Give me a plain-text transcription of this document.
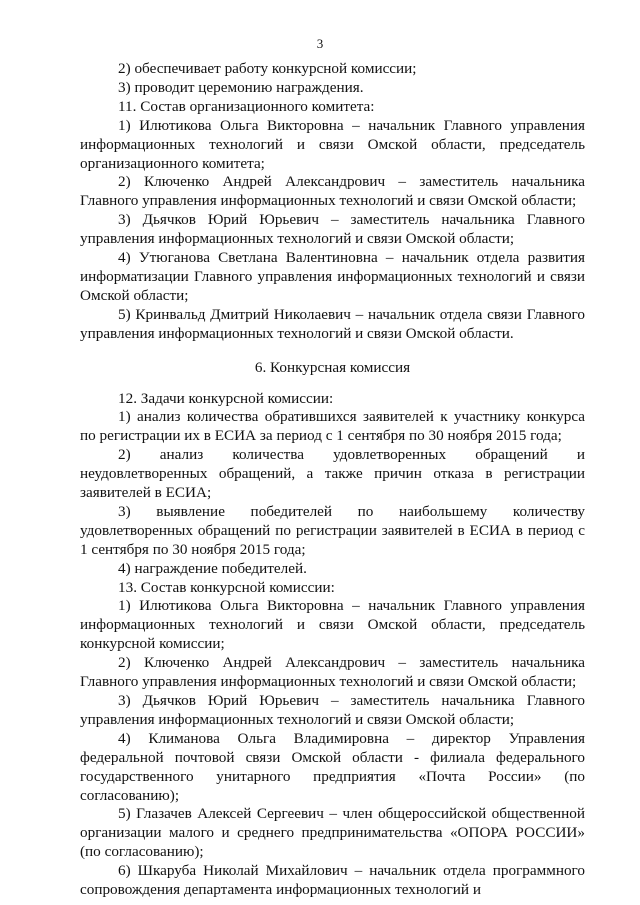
3

2) обеспечивает работу конкурсной комиссии;

3) проводит церемонию награждения.

11. Состав организационного комитета:

1) Илютикова Ольга Викторовна – начальник Главного управления информационных технологий и связи Омской области, председатель организационного комитета;

2) Ключенко Андрей Александрович – заместитель начальника Главного управления информационных технологий и связи Омской области;

3) Дьячков Юрий Юрьевич – заместитель начальника Главного управления информационных технологий и связи Омской области;

4) Утюганова Светлана Валентиновна – начальник отдела развития информатизации Главного управления информационных технологий и связи Омской области;

5) Кринвальд Дмитрий Николаевич – начальник отдела связи Главного управления информационных технологий и связи Омской области.

6. Конкурсная комиссия

12. Задачи конкурсной комиссии:

1) анализ количества обратившихся заявителей к участнику конкурса по регистрации их в ЕСИА за период с 1 сентября по 30 ноября 2015 года;

2) анализ количества удовлетворенных обращений и неудовлетворенных обращений, а также причин отказа в регистрации заявителей в ЕСИА;

3) выявление победителей по наибольшему количеству удовлетворенных обращений по регистрации заявителей в ЕСИА в период с 1 сентября по 30 ноября 2015 года;

4) награждение победителей.

13. Состав конкурсной комиссии:

1) Илютикова Ольга Викторовна – начальник Главного управления информационных технологий и связи Омской области, председатель конкурсной комиссии;

2) Ключенко Андрей Александрович – заместитель начальника Главного управления информационных технологий и связи Омской области;

3) Дьячков Юрий Юрьевич – заместитель начальника Главного управления информационных технологий и связи Омской области;

4) Климанова Ольга Владимировна – директор Управления федеральной почтовой связи Омской области - филиала федерального государственного унитарного предприятия «Почта России» (по согласованию);

5) Глазачев Алексей Сергеевич – член общероссийской общественной организации малого и среднего предпринимательства «ОПОРА РОССИИ» (по согласованию);

6) Шкаруба Николай Михайлович – начальник отдела программного сопровождения департамента информационных технологий и
